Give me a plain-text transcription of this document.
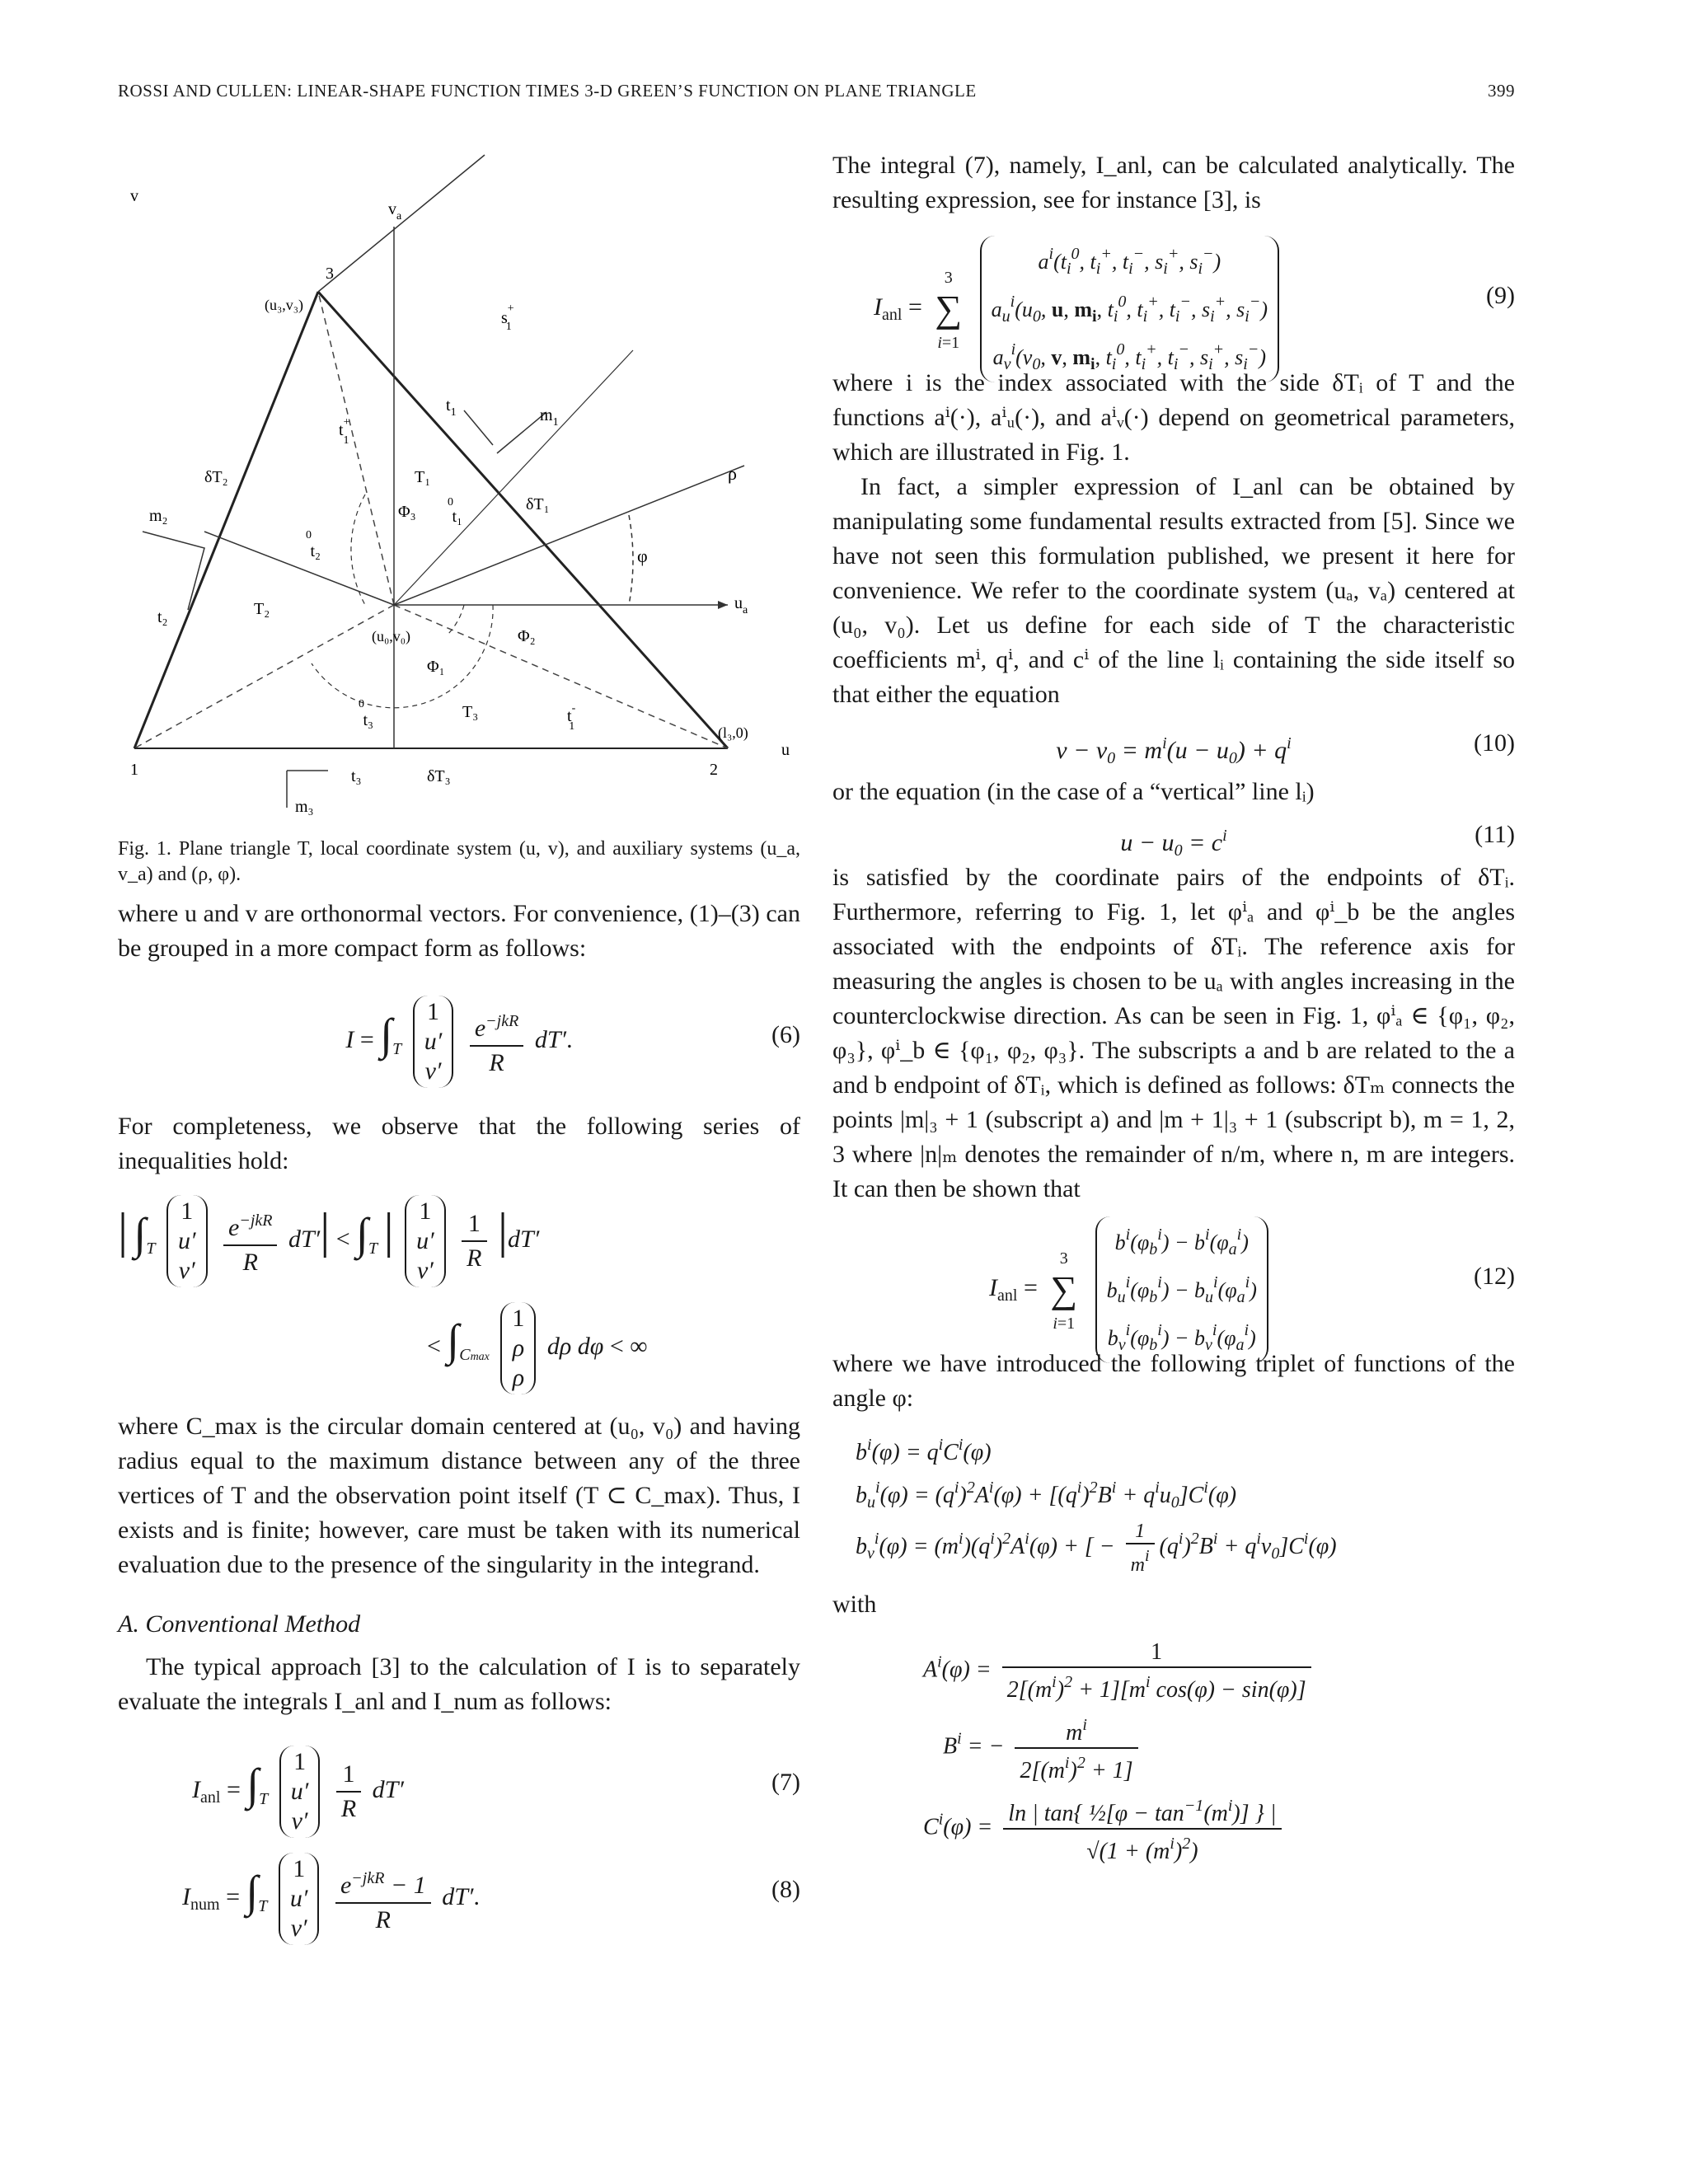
ROSSI AND CULLEN: LINEAR-SHAPE FUNCTION TIMES 3-D GREEN’S FUNCTION ON PLANE TRIANGLE	399
v
$v_a$
s+ 1
3
(u₃,v₃)
$t_1$	$m_1$
t+ 1
δT₂	T₁
δT₁
ρ
m₂
t₂0
Φ₃ t₁0
φ
t₂	T₂	$u_a$
(u₀,v₀)	Φ₂
Φ₁
t₃0	T₃	t-1	(l₃,0)
u
1	2
t₃	δT₃
m₃

Fig. 1. Plane triangle T, local coordinate system (u, v), and auxiliary systems (u_a, v_a) and (ρ, φ).

where u and v are orthonormal vectors. For convenience, (1)–(3) can be grouped in a more compact form as follows:

$I = \int_T$ 1
u′
$v' \frac{e^{-jkR}}{R} dT'$.	(6)

For completeness, we observe that the following series of inequalities hold:

| $\int_T$ 1
u′
$v' \frac{e^{-jkR}}{R} dT'| < \int_T$ | 1
u′
$v' \frac{1}{R} |dT'$
< $\int_{Cmax}$ 1
ρ
ρ dρ dφ < ∞

where C_max is the circular domain centered at (u₀, v₀) and having radius equal to the maximum distance between any of the three vertices of T and the observation point itself (T ⊂ C_max). Thus, I exists and is finite; however, care must be taken with its numerical evaluation due to the presence of the singularity in the integrand.

A. Conventional Method

The typical approach [3] to the calculation of I is to separately evaluate the integrals I_anl and I_num as follows:

$I_{anl} = \int_T$ 1
u′
$v' \frac{1}{R} dT'$	(7)
$I_{num} = \int_T$ 1
u′
$v' \frac{e^{-jkR} - 1}{R} dT'$.	(8)

The integral (7), namely, I_anl, can be calculated analytically. The resulting expression, see for instance [3], is

$I_{anl} = 3$
∑
i=1 $a^i(t_i^0$, $t_i^+$, $t_i^-$, $s_i^+$, $s_i^-$)
$a_u^i(u_0$, u, $m_i$, $t_i^0$, $t_i^+$, $t_i^-$, $s_i^+$, $s_i^-$)
$a_v^i(v_0$, v, $m_i$, $t_i^0$, $t_i^+$, $t_i^-$, $s_i^+$, $s_i^-$)
(9)

where i is the index associated with the side δTᵢ of T and the functions aⁱ(·), aⁱᵤ(·), and aⁱᵥ(·) depend on geometrical parameters, which are illustrated in Fig. 1.

In fact, a simpler expression of I_anl can be obtained by manipulating some fundamental results extracted from [5]. Since we have not seen this formulation published, we present it here for convenience. We refer to the coordinate system (uₐ, vₐ) centered at (u₀, v₀). Let us define for each side of T the characteristic coefficients mⁱ, qⁱ, and cⁱ of the line lᵢ containing the side itself so that either the equation

$v - v_0 = m^i(u - u_0) + q^i$	(10)

or the equation (in the case of a “vertical” line lᵢ)

$u - u_0 = c^i$	(11)

is satisfied by the coordinate pairs of the endpoints of δTᵢ. Furthermore, referring to Fig. 1, let φⁱₐ and φⁱ_b be the angles associated with the endpoints of δTᵢ. The reference axis for measuring the angles is chosen to be uₐ with angles increasing in the counterclockwise direction. As can be seen in Fig. 1, φⁱₐ ∈ {φ₁, φ₂, φ₃}, φⁱ_b ∈ {φ₁, φ₂, φ₃}. The subscripts a and b are related to the a and b endpoint of δTᵢ, which is defined as follows: δTₘ connects the points |m|₃ + 1 (subscript a) and |m + 1|₃ + 1 (subscript b), m = 1, 2, 3 where |n|ₘ denotes the remainder of n/m, where n, m are integers. It can then be shown that

$I_{anl} = 3$
∑
i=1 $b^i(\varphi_b^i) - b^i(\varphi_a^i)$
$b_u^i(\varphi_b^i) - b_u^i(\varphi_a^i)$
$b_v^i(\varphi_b^i) - b_v^i(\varphi_a^i)$
(12)

where we have introduced the following triplet of functions of the angle φ:

$b^i(\varphi) = q^iC^i(\varphi)$
$b_u^i(\varphi) = (q^i)^2A^i(\varphi) + [(q^i)^2B^i + q^iu_0]C^i(\varphi)$
$b_v^i(\varphi) = (m^i)(q^i)^2A^i(\varphi)$ + [ − $\frac{1}{m^i} (q^i)^2B^i + q^iv_0]C^i(\varphi)$

with

$A^i(\varphi) = \frac{1}{2[(m^i)^2 + 1][m^i \cos(\varphi) - \sin(\varphi)]}$
$B^i$ = − $\frac{m^i}{2[(m^i)^2 + 1]}$
$C^i(\varphi) = \frac{\ln | \tan\{ \frac{1}{2}[\varphi - \tan^{-1}(m^i)] \} |}{√(1 + (m^i)^2)}$
